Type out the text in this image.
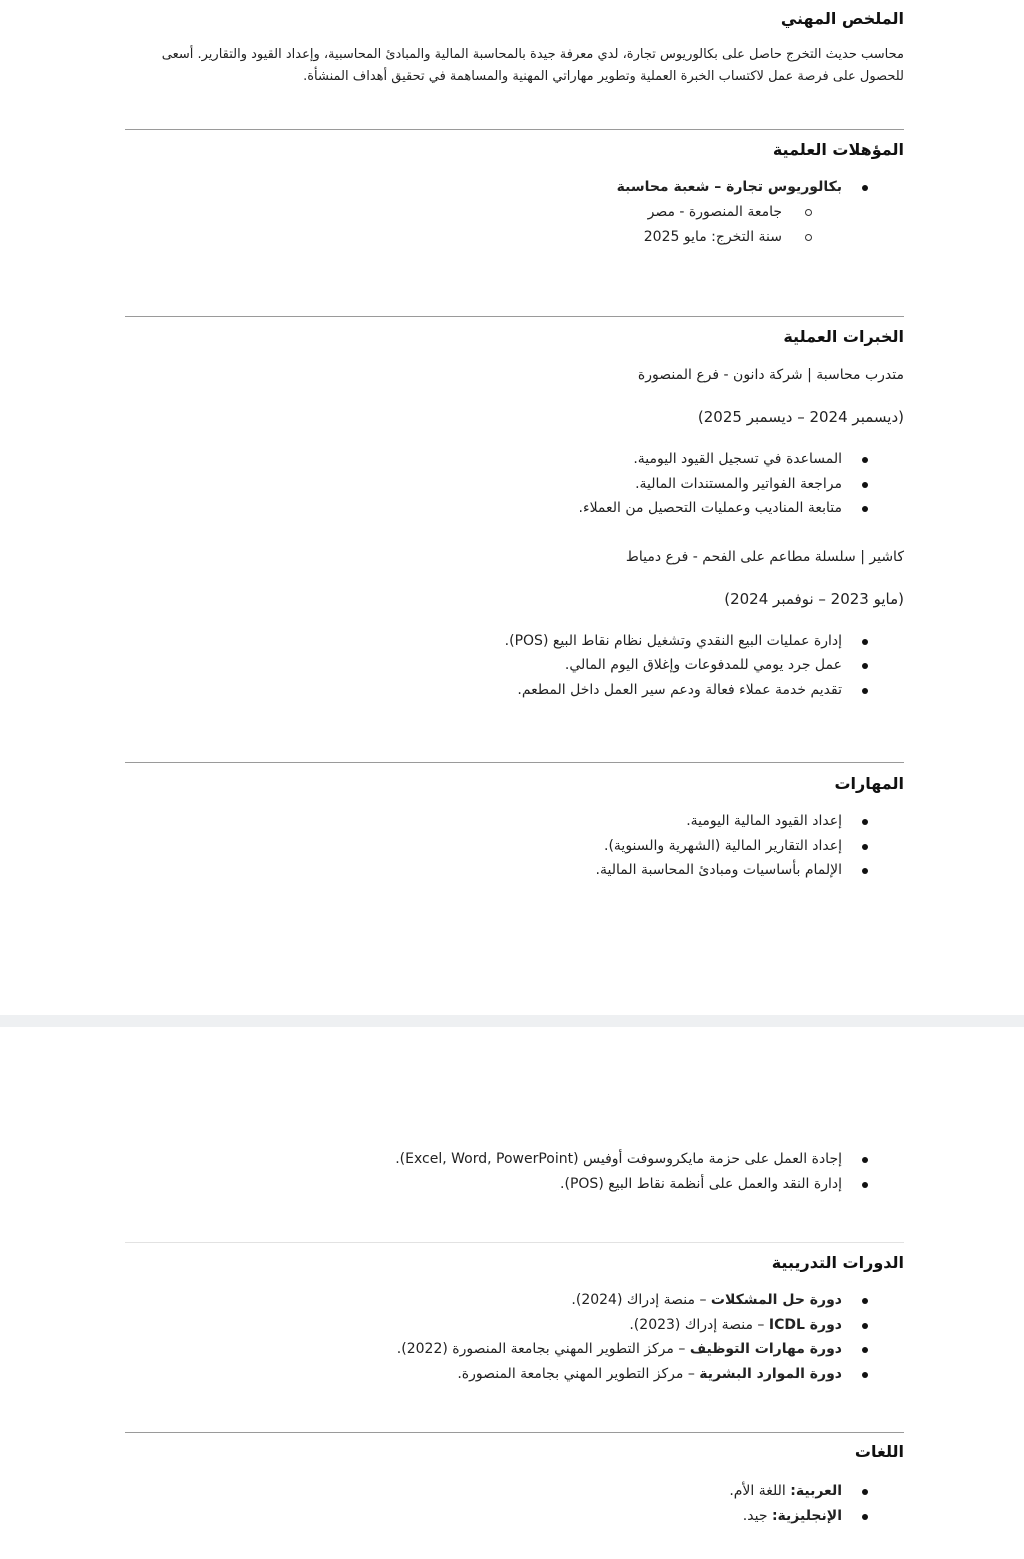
الملخص المهني
محاسب حديث التخرج حاصل على بكالوريوس تجارة، لدي معرفة جيدة بالمحاسبة المالية والمبادئ المحاسبية، وإعداد القيود والتقارير. أسعى للحصول على فرصة عمل لاكتساب الخبرة العملية وتطوير مهاراتي المهنية والمساهمة في تحقيق أهداف المنشأة.
المؤهلات العلمية
بكالوريوس تجارة – شعبة محاسبة
جامعة المنصورة - مصر
سنة التخرج: مايو 2025
الخبرات العملية
متدرب محاسبة | شركة دانون - فرع المنصورة
(ديسمبر 2024 – ديسمبر 2025)
المساعدة في تسجيل القيود اليومية.
مراجعة الفواتير والمستندات المالية.
متابعة المناديب وعمليات التحصيل من العملاء.
كاشير | سلسلة مطاعم على الفحم - فرع دمياط
(مايو 2023 – نوفمبر 2024)
إدارة عمليات البيع النقدي وتشغيل نظام نقاط البيع (POS).
عمل جرد يومي للمدفوعات وإغلاق اليوم المالي.
تقديم خدمة عملاء فعالة ودعم سير العمل داخل المطعم.
المهارات
إعداد القيود المالية اليومية.
إعداد التقارير المالية (الشهرية والسنوية).
الإلمام بأساسيات ومبادئ المحاسبة المالية.
إجادة العمل على حزمة مايكروسوفت أوفيس (Excel, Word, PowerPoint).
إدارة النقد والعمل على أنظمة نقاط البيع (POS).
الدورات التدريبية
دورة حل المشكلات – منصة إدراك (2024).
دورة ICDL – منصة إدراك (2023).
دورة مهارات التوظيف – مركز التطوير المهني بجامعة المنصورة (2022).
دورة الموارد البشرية – مركز التطوير المهني بجامعة المنصورة.
اللغات
العربية: اللغة الأم.
الإنجليزية: جيد.
